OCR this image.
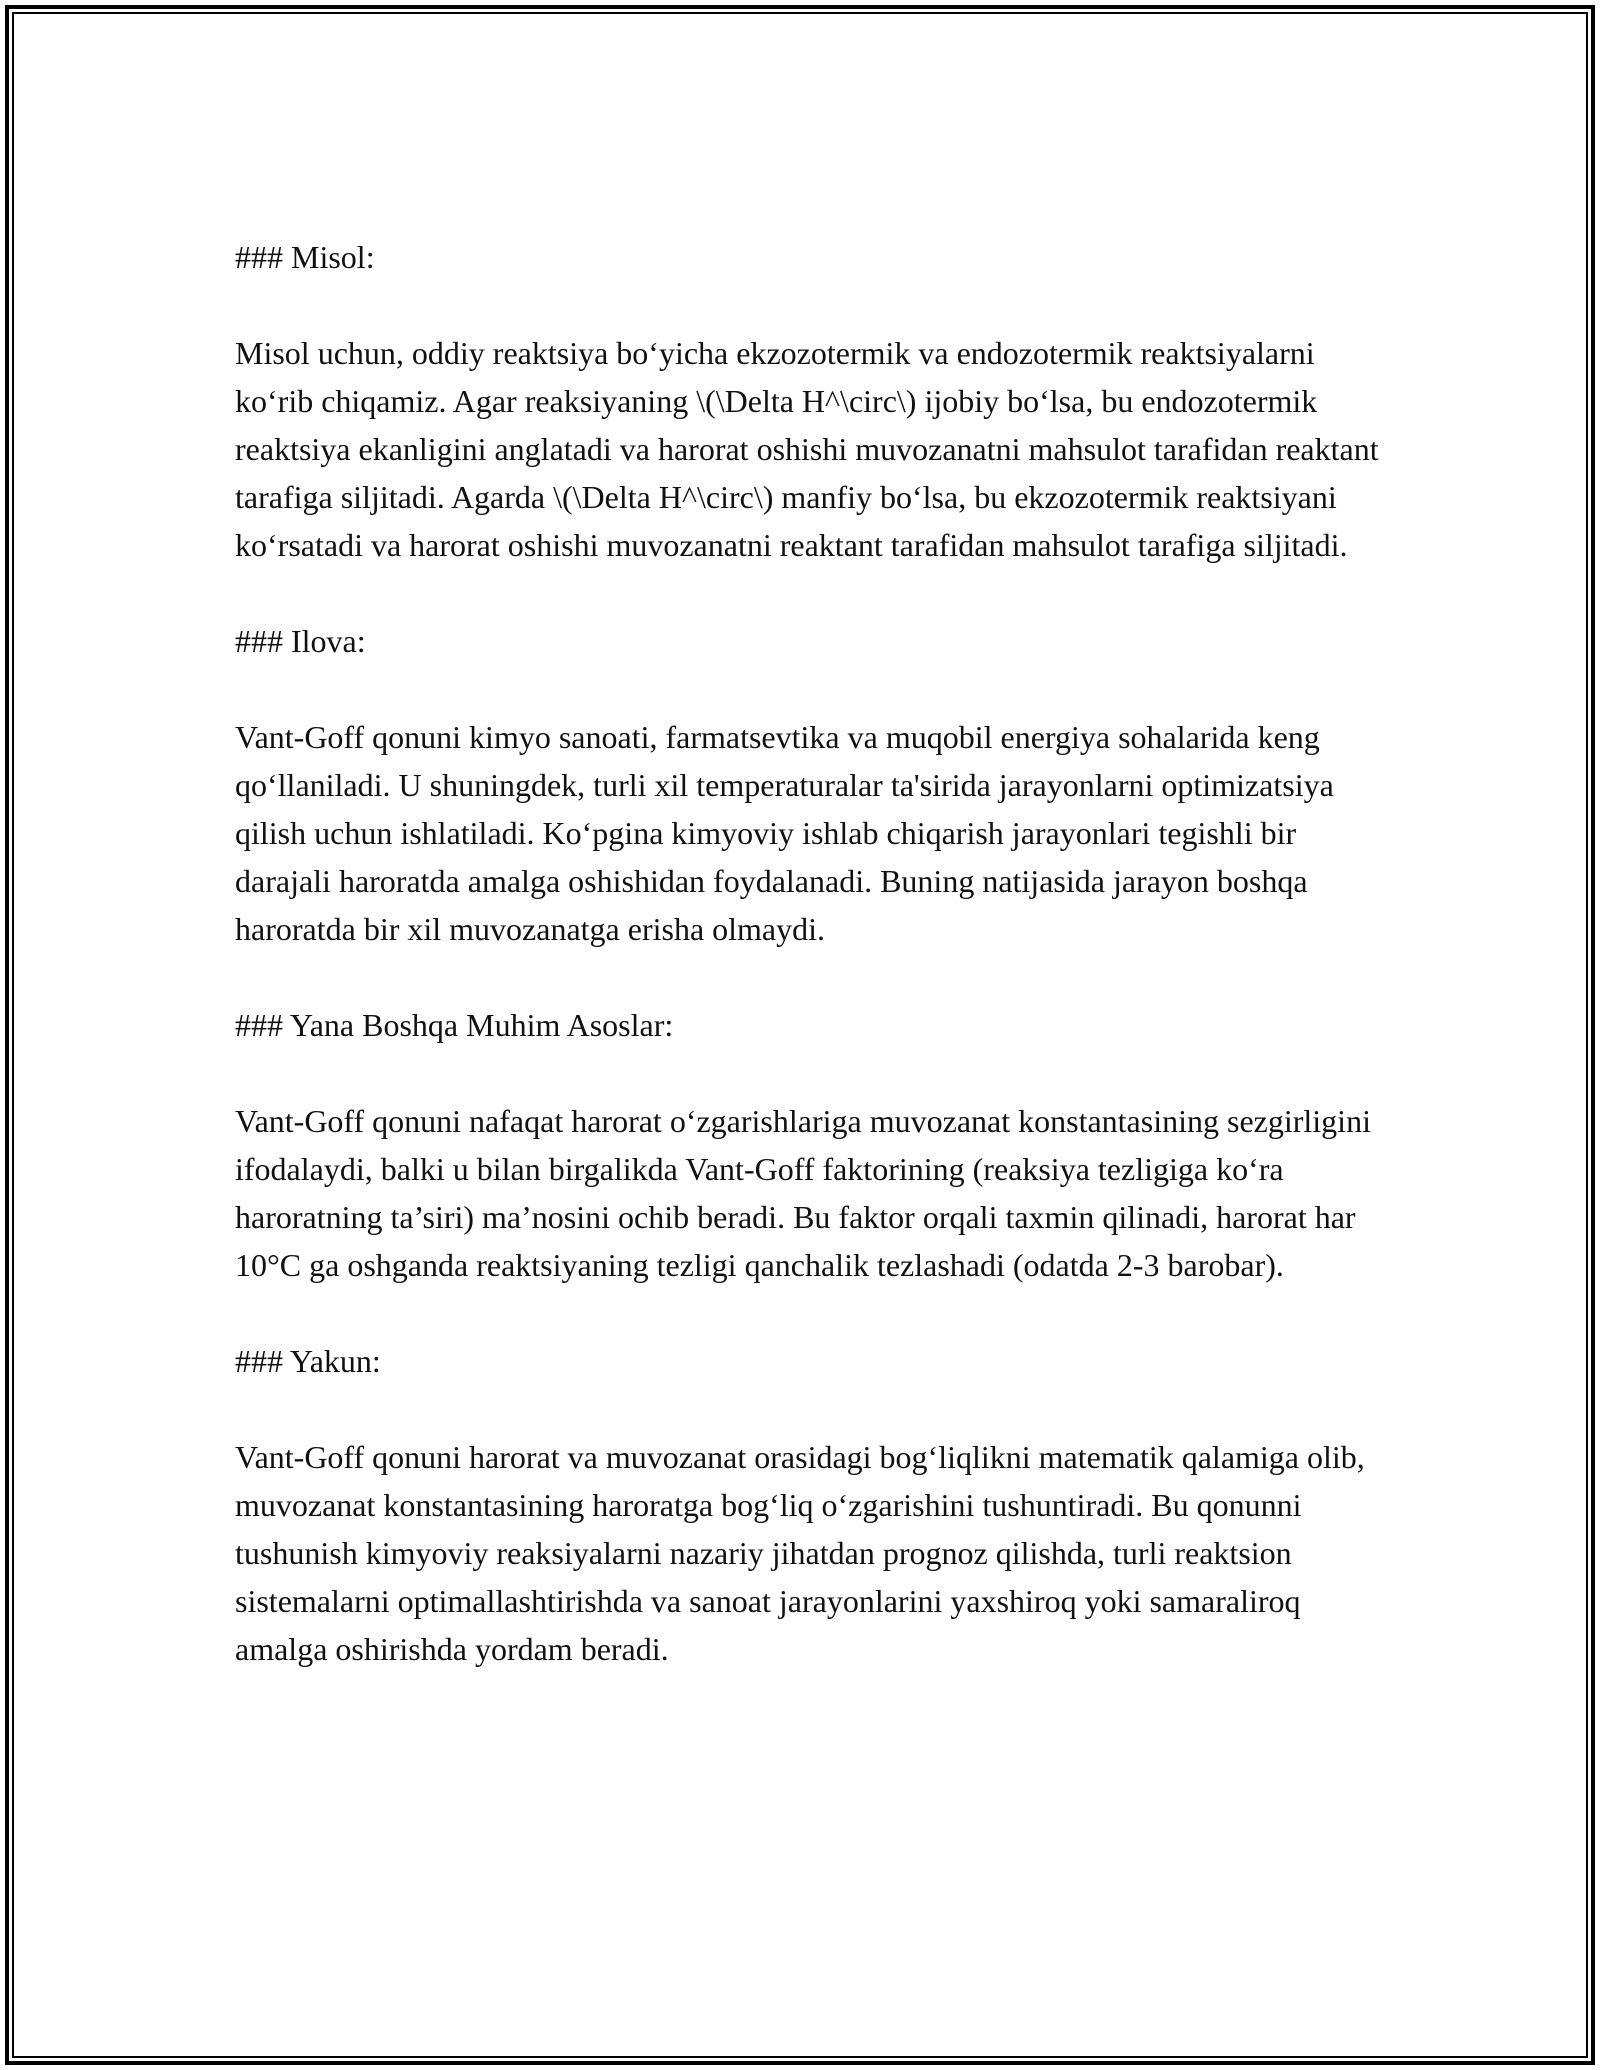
### Misol:

Misol uchun, oddiy reaktsiya bo‘yicha ekzozotermik va endozotermik reaktsiyalarni ko‘rib chiqamiz. Agar reaksiyaning \(\Delta H^\circ\) ijobiy bo‘lsa, bu endozotermik reaktsiya ekanligini anglatadi va harorat oshishi muvozanatni mahsulot tarafidan reaktant tarafiga siljitadi. Agarda \(\Delta H^\circ\) manfiy bo‘lsa, bu ekzozotermik reaktsiyani ko‘rsatadi va harorat oshishi muvozanatni reaktant tarafidan mahsulot tarafiga siljitadi.

### Ilova:

Vant-Goff qonuni kimyo sanoati, farmatsevtika va muqobil energiya sohalarida keng qo‘llaniladi. U shuningdek, turli xil temperaturalar ta'sirida jarayonlarni optimizatsiya qilish uchun ishlatiladi. Ko‘pgina kimyoviy ishlab chiqarish jarayonlari tegishli bir darajali haroratda amalga oshishidan foydalanadi. Buning natijasida jarayon boshqa haroratda bir xil muvozanatga erisha olmaydi.

### Yana Boshqa Muhim Asoslar:

Vant-Goff qonuni nafaqat harorat o‘zgarishlariga muvozanat konstantasining sezgirligini ifodalaydi, balki u bilan birgalikda Vant-Goff faktorining (reaksiya tezligiga ko‘ra haroratning ta’siri) ma’nosini ochib beradi. Bu faktor orqali taxmin qilinadi, harorat har 10°C ga oshganda reaktsiyaning tezligi qanchalik tezlashadi (odatda 2-3 barobar).

### Yakun:

Vant-Goff qonuni harorat va muvozanat orasidagi bog‘liqlikni matematik qalamiga olib, muvozanat konstantasining haroratga bog‘liq o‘zgarishini tushuntiradi. Bu qonunni tushunish kimyoviy reaksiyalarni nazariy jihatdan prognoz qilishda, turli reaktsion sistemalarni optimallashtirishda va sanoat jarayonlarini yaxshiroq yoki samaraliroq amalga oshirishda yordam beradi.
